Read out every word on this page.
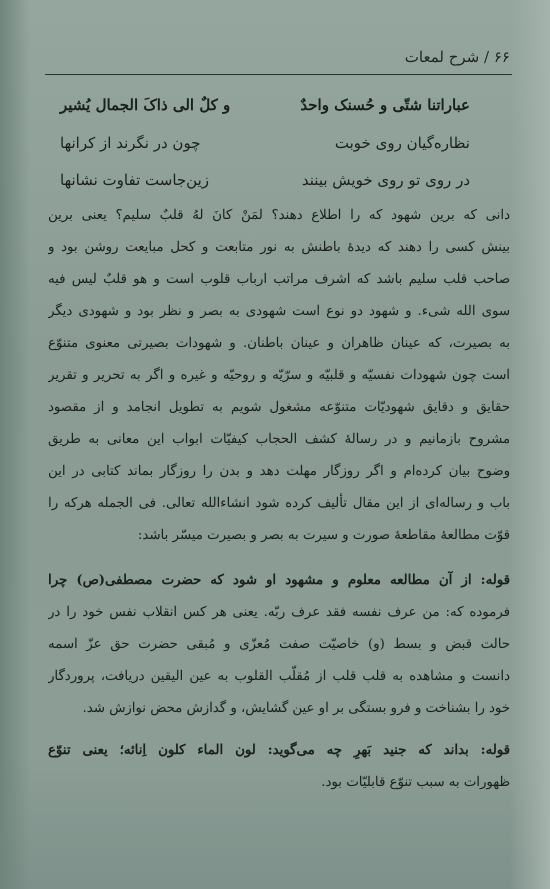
۶۶ / شرح لمعات
عباراتنا شتّی و حُسنک واحدٌ
و کلٌ الی ذاکَ الجمال یُشیر
نظاره‌گیان روی خوبت
چون در نگرند از کرانها
در روی تو روی خویش بینند
زین‌جاست تفاوت نشانها
دانی که برین شهود که را اطلاع دهند؟ لمَنْ کانَ لهُ قلبٌ سلیم؟ یعنی برین
بینش کسی را دهند که دیدهٔ باطنش به نور متابعت و کحل مبایعت روشن بود و
صاحب قلب سلیم باشد که اشرف مراتب ارباب قلوب است و هو قلبٌ لیس فیه
سوی الله شیء. و شهود دو نوع است شهودی به بصر و نظر بود و شهودی دیگر
به بصیرت، که عینان ظاهران و عینان باطنان. و شهودات بصیرتی معنوی متنوّع
است چون شهودات نفسیّه و قلبیّه و سرّیّه و روحیّه و غیره و اگر به تحریر و تقریر
حقایق و دقایق شهودیّات متنوّعه مشغول شویم به تطویل انجامد و از مقصود
مشروح بازمانیم و در رسالهٔ کشف الحجاب کیفیّات ابواب این معانی به طریق
وضوح بیان کرده‌ام و اگر روزگار مهلت دهد و بدن را روزگار بماند کتابی در این
باب و رساله‌ای از این مقال تألیف کرده شود انشاءالله تعالی. فی الجمله هرکه را
قوّت مطالعهٔ مقاطعهٔ صورت و سیرت به بصر و بصیرت میسّر باشد:
قوله: از آن مطالعه معلوم و مشهود او شود که حضرت مصطفی(ص) چرا
فرموده که: من عرف نفسه فقد عرف ربّه. یعنی هر کس انقلاب نفس خود را در
حالت قبض و بسط (و) خاصیّت صفت مُعزّی و مُبقی حضرت حق عزّ اسمه
دانست و مشاهده به قلب قلب از مُقلّب القلوب به عین الیقین دریافت، پروردگار
خود را بشناخت و فرو بستگی بر او عین گشایش، و گدازش محض نوازش شد.
قوله: بداند که جنید بَهرِ چه می‌گوید: لون الماء کلون اِنائه؛ یعنی تنوّع
ظهورات به سبب تنوّع قابلیّات بود.
